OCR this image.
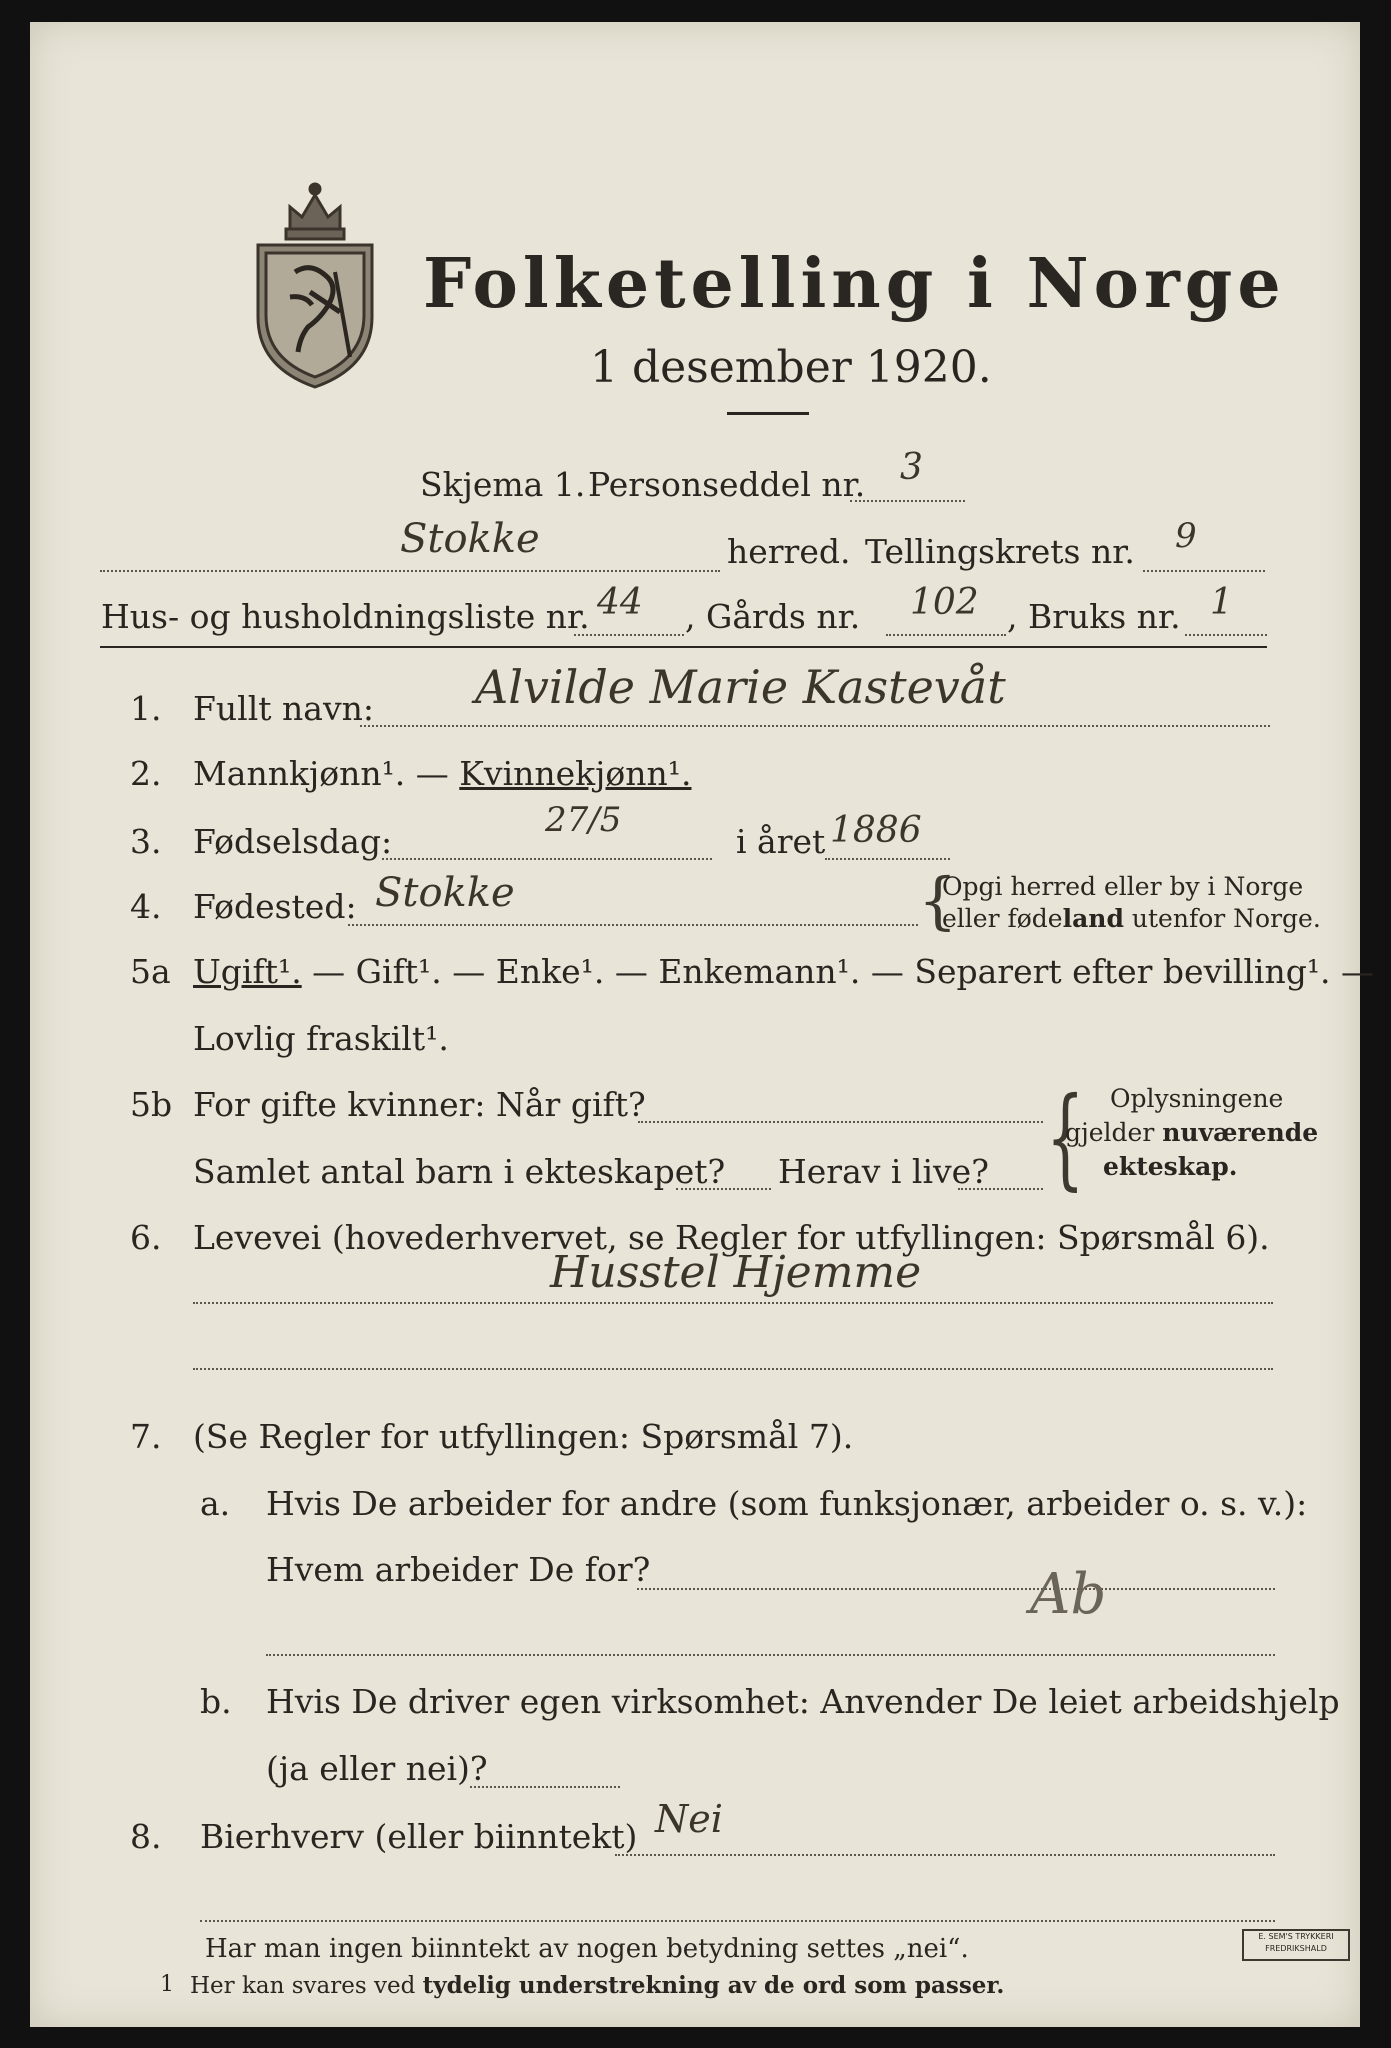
Folketelling i Norge
1 desember 1920.
Skjema 1. Personseddel nr. 3
Stokke	herred. Tellingskrets nr. 9
Hus- og husholdningsliste nr. 44 , Gårds nr. 102 , Bruks nr. 1
1. Fullt navn: Alvilde Marie Kastevåt
2. Mannkjønn¹. — Kvinnekjønn¹.
3. Fødselsdag:
27/5
i året 1886
4. Fødested: Stokke	{
Opgi herred eller by i Norge
eller fødeland utenfor Norge.
5a Ugift¹. — Gift¹. — Enke¹. — Enkemann¹. — Separert efter bevilling¹. —
Lovlig fraskilt¹.
5b For gifte kvinner: Når gift?
Samlet antal barn i ekteskapet? Herav i live? { Oplysningene
gjelder nuværende
ekteskap.
6. Levevei (hovederhvervet, se Regler for utfyllingen: Spørsmål 6).
Husstel Hjemme
7. (Se Regler for utfyllingen: Spørsmål 7).
a. Hvis De arbeider for andre (som funksjonær, arbeider o. s. v.):
Hvem arbeider De for?	Ab
b. Hvis De driver egen virksomhet: Anvender De leiet arbeidshjelp
(ja eller nei)?
8. Bierhverv (eller biinntekt) Nei
Har man ingen biinntekt av nogen betydning settes „nei“.
1 Her kan svares ved tydelig understrekning av de ord som passer.
E. SEM'S TRYKKERI FREDRIKSHALD
